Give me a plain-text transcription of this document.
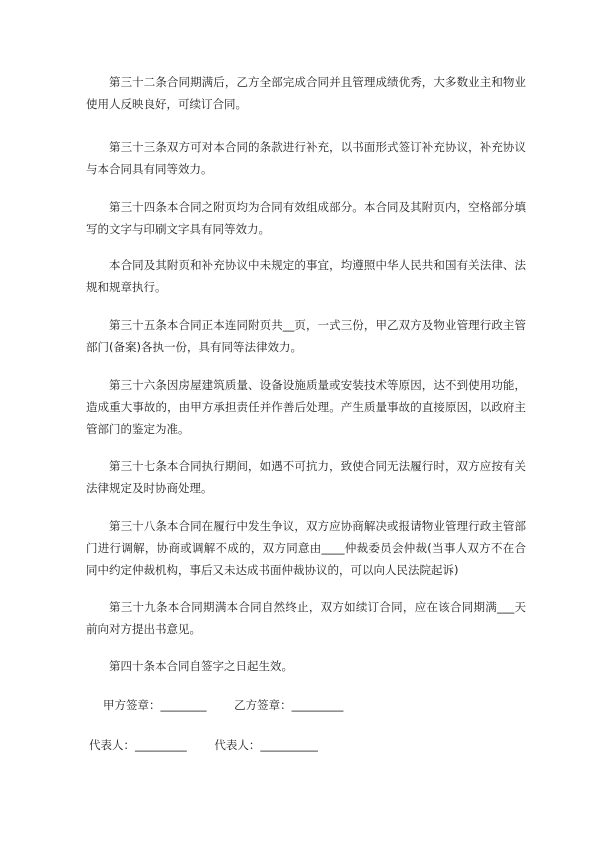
第三十二条合同期满后，乙方全部完成合同并且管理成绩优秀，大多数业主和物业使用人反映良好，可续订合同。

第三十三条双方可对本合同的条款进行补充，以书面形式签订补充协议，补充协议与本合同具有同等效力。

第三十四条本合同之附页均为合同有效组成部分。本合同及其附页内，空格部分填写的文字与印刷文字具有同等效力。

本合同及其附页和补充协议中未规定的事宜，均遵照中华人民共和国有关法律、法规和规章执行。

第三十五条本合同正本连同附页共__页，一式三份，甲乙双方及物业管理行政主管部门(备案)各执一份，具有同等法律效力。

第三十六条因房屋建筑质量、设备设施质量或安装技术等原因，达不到使用功能，造成重大事故的，由甲方承担责任并作善后处理。产生质量事故的直接原因，以政府主管部门的鉴定为准。

第三十七条本合同执行期间，如遇不可抗力，致使合同无法履行时，双方应按有关法律规定及时协商处理。

第三十八条本合同在履行中发生争议，双方应协商解决或报请物业管理行政主管部门进行调解，协商或调解不成的，双方同意由____仲裁委员会仲裁(当事人双方不在合同中约定仲裁机构，事后又未达成书面仲裁协议的，可以向人民法院起诉)

第三十九条本合同期满本合同自然终止，双方如续订合同，应在该合同期满___天前向对方提出书意见。

第四十条本合同自签字之日起生效。

甲方签章：________ 乙方签章：_________
代表人：_________ 代表人：__________
